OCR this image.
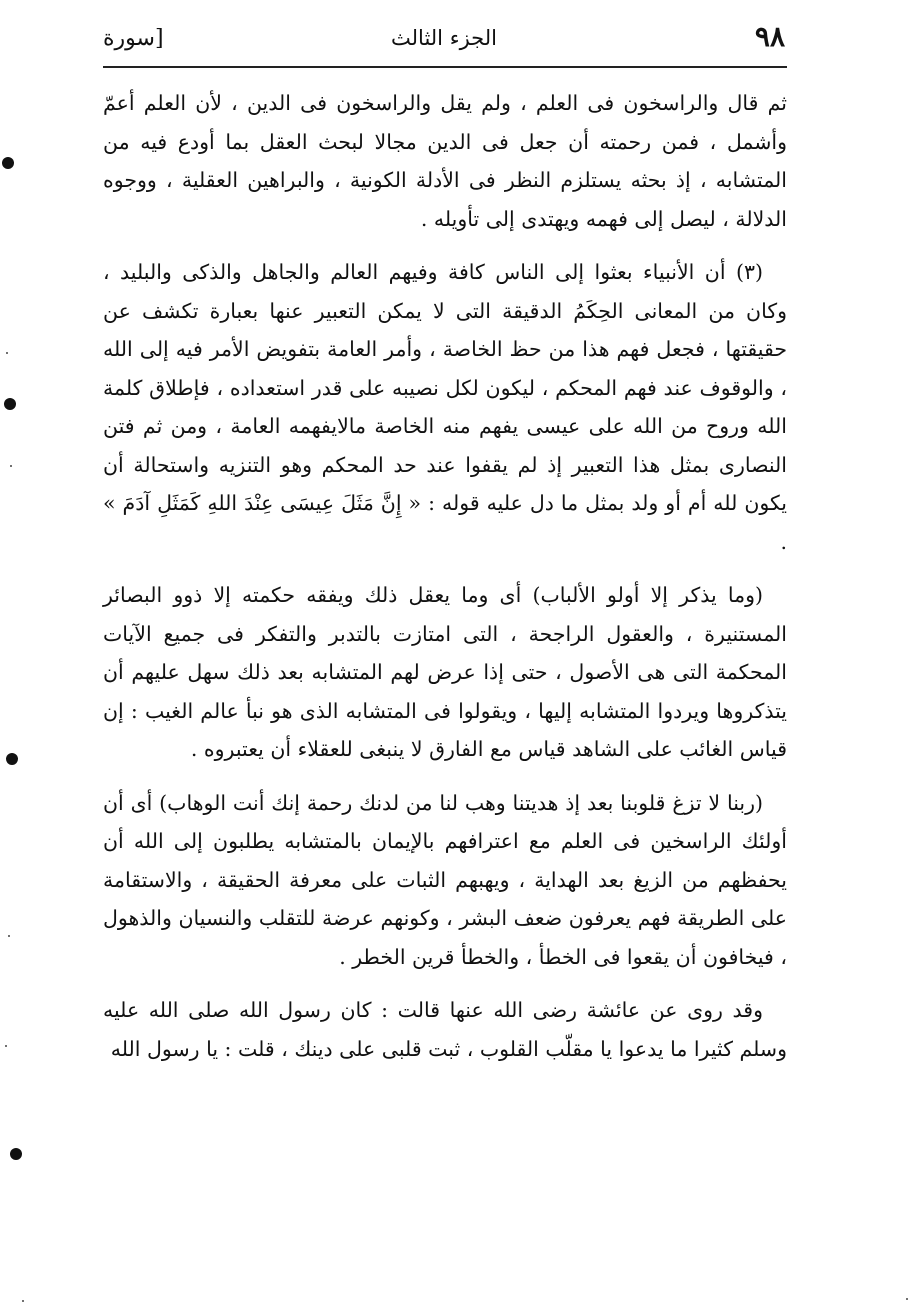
٩٨
الجزء الثالث
[سورة

ثم قال والراسخون فى العلم ، ولم يقل والراسخون فى الدين ، لأن العلم أعمّ وأشمل ، فمن رحمته أن جعل فى الدين مجالا لبحث العقل بما أودع فيه من المتشابه ، إذ بحثه يستلزم النظر فى الأدلة الكونية ، والبراهين العقلية ، ووجوه الدلالة ، ليصل إلى فهمه ويهتدى إلى تأويله .

(٣) أن الأنبياء بعثوا إلى الناس كافة وفيهم العالم والجاهل والذكى والبليد ، وكان من المعانى الحِكَمُ الدقيقة التى لا يمكن التعبير عنها بعبارة تكشف عن حقيقتها ، فجعل فهم هذا من حظ الخاصة ، وأمر العامة بتفويض الأمر فيه إلى الله ، والوقوف عند فهم المحكم ، ليكون لكل نصيبه على قدر استعداده ، فإطلاق كلمة الله وروح من الله على عيسى يفهم منه الخاصة مالايفهمه العامة ، ومن ثم فتن النصارى بمثل هذا التعبير إذ لم يقفوا عند حد المحكم وهو التنزيه واستحالة أن يكون لله أم أو ولد بمثل ما دل عليه قوله : « إِنَّ مَثَلَ عِيسَى عِنْدَ اللهِ كَمَثَلِ آدَمَ » .

(وما يذكر إلا أولو الألباب) أى وما يعقل ذلك ويفقه حكمته إلا ذوو البصائر المستنيرة ، والعقول الراجحة ، التى امتازت بالتدبر والتفكر فى جميع الآيات المحكمة التى هى الأصول ، حتى إذا عرض لهم المتشابه بعد ذلك سهل عليهم أن يتذكروها ويردوا المتشابه إليها ، ويقولوا فى المتشابه الذى هو نبأ عالم الغيب : إن قياس الغائب على الشاهد قياس مع الفارق لا ينبغى للعقلاء أن يعتبروه .

(ربنا لا تزغ قلوبنا بعد إذ هديتنا وهب لنا من لدنك رحمة إنك أنت الوهاب) أى أن أولئك الراسخين فى العلم مع اعترافهم بالإيمان بالمتشابه يطلبون إلى الله أن يحفظهم من الزيغ بعد الهداية ، ويهبهم الثبات على معرفة الحقيقة ، والاستقامة على الطريقة فهم يعرفون ضعف البشر ، وكونهم عرضة للتقلب والنسيان والذهول ، فيخافون أن يقعوا فى الخطأ ، والخطأ قرين الخطر .

وقد روى عن عائشة رضى الله عنها قالت : كان رسول الله صلى الله عليه وسلم كثيرا ما يدعوا يا مقلّب القلوب ، ثبت قلبى على دينك ، قلت : يا رسول الله
